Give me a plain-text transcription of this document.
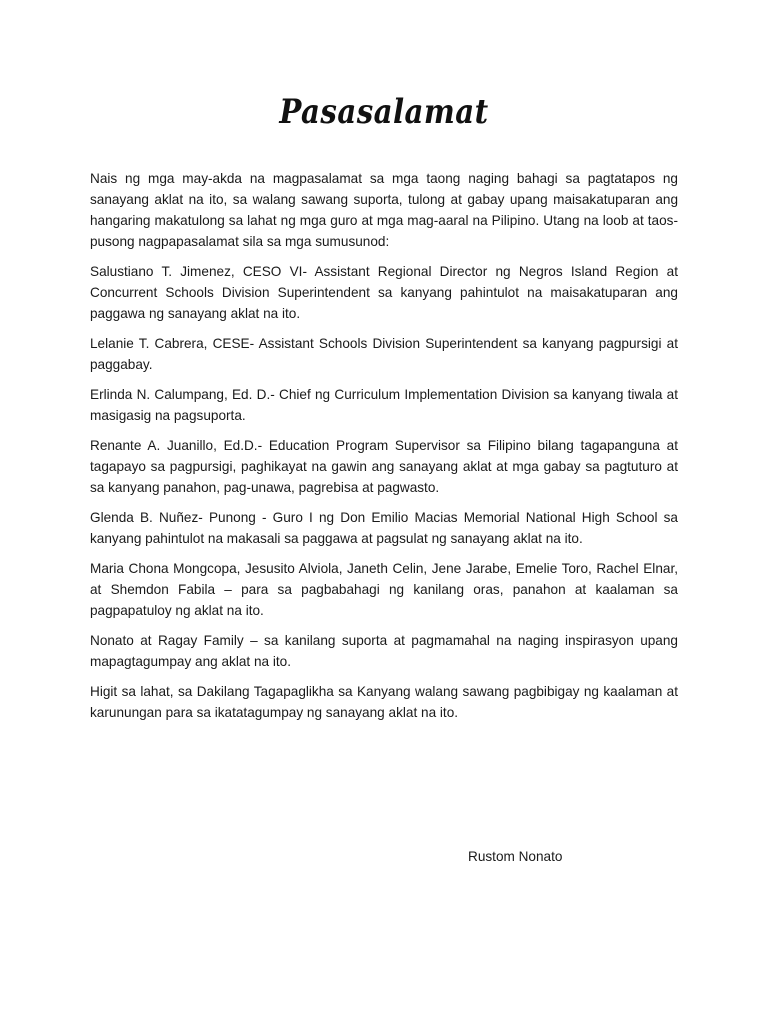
Pasasalamat

Nais ng mga may-akda na magpasalamat sa mga taong naging bahagi sa pagtatapos ng sanayang aklat na ito, sa walang sawang suporta, tulong at gabay upang maisakatuparan ang hangaring makatulong sa lahat ng mga guro at mga mag-aaral na Pilipino. Utang na loob at taos-pusong nagpapasalamat sila sa mga sumusunod:

Salustiano T. Jimenez, CESO VI- Assistant Regional Director ng Negros Island Region at Concurrent Schools Division Superintendent sa kanyang pahintulot na maisakatuparan ang paggawa ng sanayang aklat na ito.

Lelanie T. Cabrera, CESE- Assistant Schools Division Superintendent sa kanyang pagpursigi at paggabay.

Erlinda N. Calumpang, Ed. D.- Chief ng Curriculum Implementation Division sa kanyang tiwala at masigasig na pagsuporta.

Renante A. Juanillo, Ed.D.- Education Program Supervisor sa Filipino bilang tagapanguna at tagapayo sa pagpursigi, paghikayat na gawin ang sanayang aklat at mga gabay sa pagtuturo at sa kanyang panahon, pag-unawa, pagrebisa at pagwasto.

Glenda B. Nuñez- Punong - Guro I ng Don Emilio Macias Memorial National High School sa kanyang pahintulot na makasali sa paggawa at pagsulat ng sanayang aklat na ito.

Maria Chona Mongcopa, Jesusito Alviola, Janeth Celin, Jene Jarabe, Emelie Toro, Rachel Elnar, at Shemdon Fabila – para sa pagbabahagi ng kanilang oras, panahon at kaalaman sa pagpapatuloy ng aklat na ito.

Nonato at Ragay Family – sa kanilang suporta at pagmamahal na naging inspirasyon upang mapagtagumpay ang aklat na ito.

Higit sa lahat, sa Dakilang Tagapaglikha sa Kanyang walang sawang pagbibigay ng kaalaman at karunungan para sa ikatatagumpay ng sanayang aklat na ito.

Rustom Nonato
